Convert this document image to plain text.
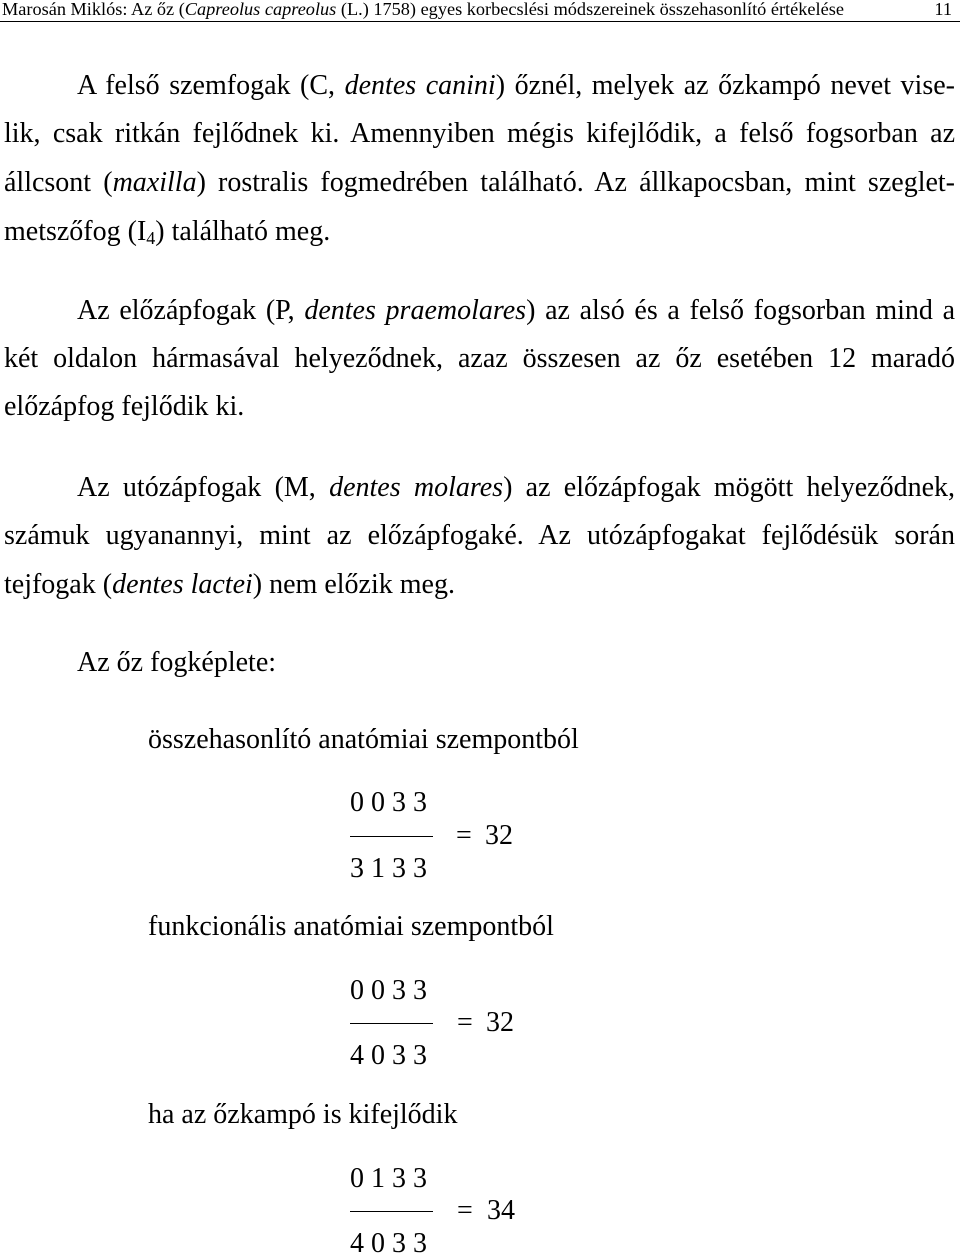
Marosán Miklós: Az őz (Capreolus capreolus (L.) 1758) egyes korbecslési módszereinek összehasonlító értékelése	11
A felső szemfogak (C, dentes canini) őznél, melyek az őzkampó nevet vise-
lik, csak ritkán fejlődnek ki. Amennyiben mégis kifejlődik, a felső fogsorban az
állcsont (maxilla) rostralis fogmedrében található. Az állkapocsban, mint szeglet-
metszőfog $(I_4)$ található meg.
Az előzápfogak (P, dentes praemolares) az alsó és a felső fogsorban mind a
két oldalon hármasával helyeződnek, azaz összesen az őz esetében 12 maradó
előzápfog fejlődik ki.
Az utózápfogak (M, dentes molares) az előzápfogak mögött helyeződnek,
számuk ugyanannyi, mint az előzápfogaké. Az utózápfogakat fejlődésük során
tejfogak (dentes lactei) nem előzik meg.
Az őz fogképlete:
összehasonlító anatómiai szempontból
0 0 3 3
= 32
3 1 3 3
funkcionális anatómiai szempontból
0 0 3 3
= 32
4 0 3 3
ha az őzkampó is kifejlődik
0 1 3 3
= 34
4 0 3 3
